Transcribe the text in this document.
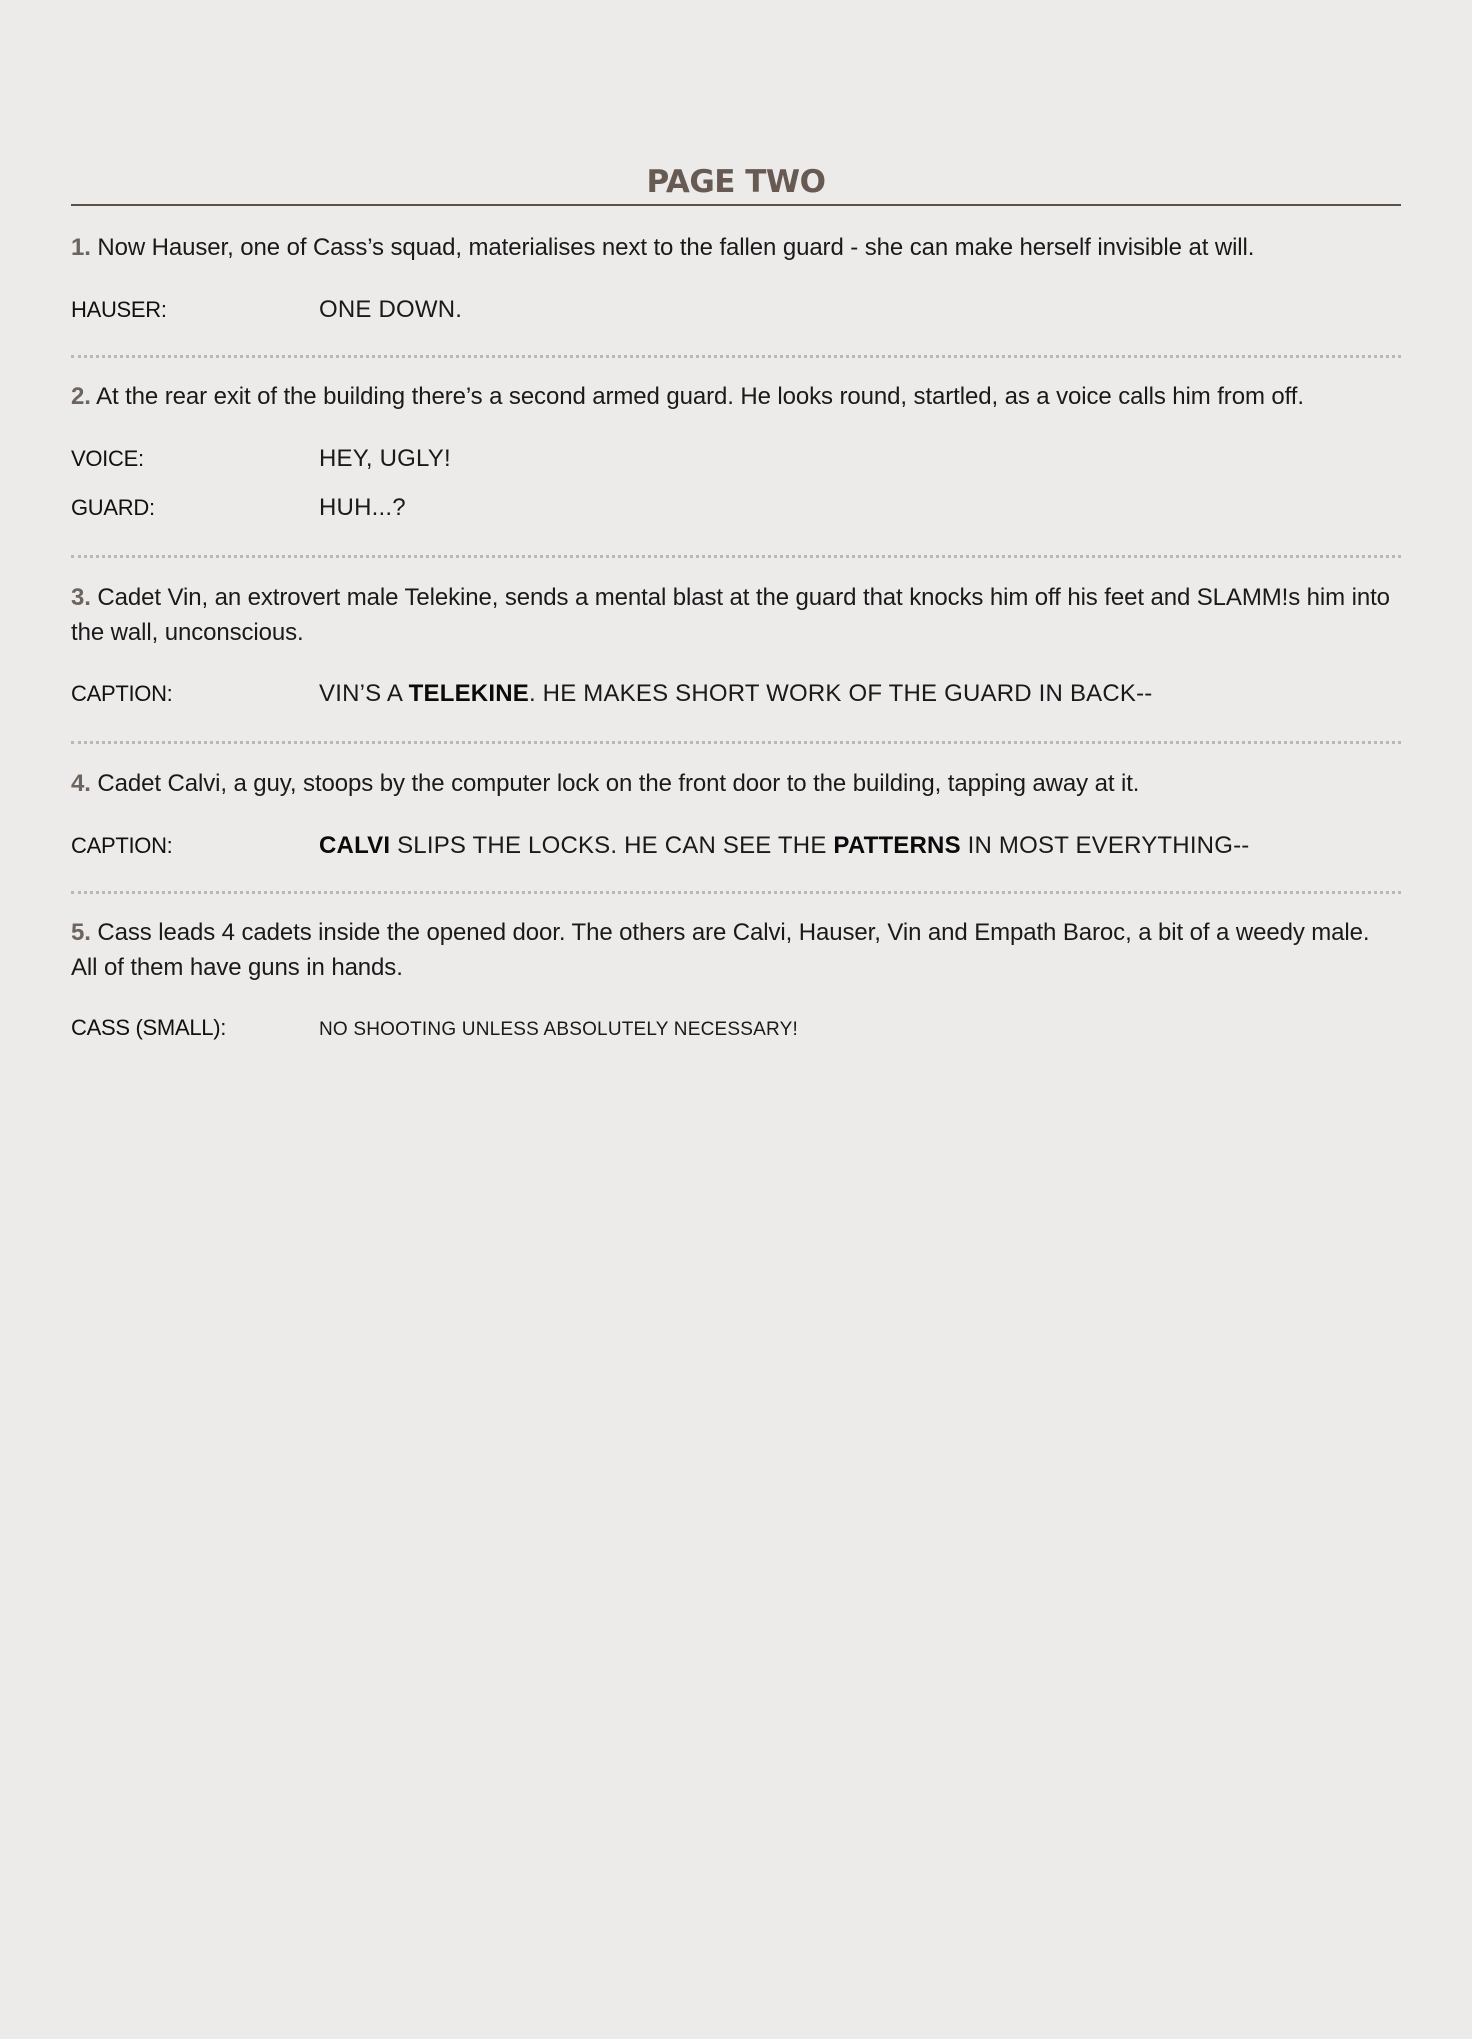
PAGE TWO

1. Now Hauser, one of Cass’s squad, materialises next to the fallen guard - she can make herself invisible at will.

HAUSER:	ONE DOWN.

2. At the rear exit of the building there’s a second armed guard. He looks round, startled, as a voice calls him from off.

VOICE:	HEY, UGLY!
GUARD:	HUH...?

3. Cadet Vin, an extrovert male Telekine, sends a mental blast at the guard that knocks him off his feet and SLAMM!s him into the wall, unconscious.

CAPTION:	VIN’S A TELEKINE. HE MAKES SHORT WORK OF THE GUARD IN BACK--

4. Cadet Calvi, a guy, stoops by the computer lock on the front door to the building, tapping away at it.

CAPTION:	CALVI SLIPS THE LOCKS. HE CAN SEE THE PATTERNS IN MOST EVERYTHING--

5. Cass leads 4 cadets inside the opened door. The others are Calvi, Hauser, Vin and Empath Baroc, a bit of a weedy male. All of them have guns in hands.

CASS (SMALL):	NO SHOOTING UNLESS ABSOLUTELY NECESSARY!
